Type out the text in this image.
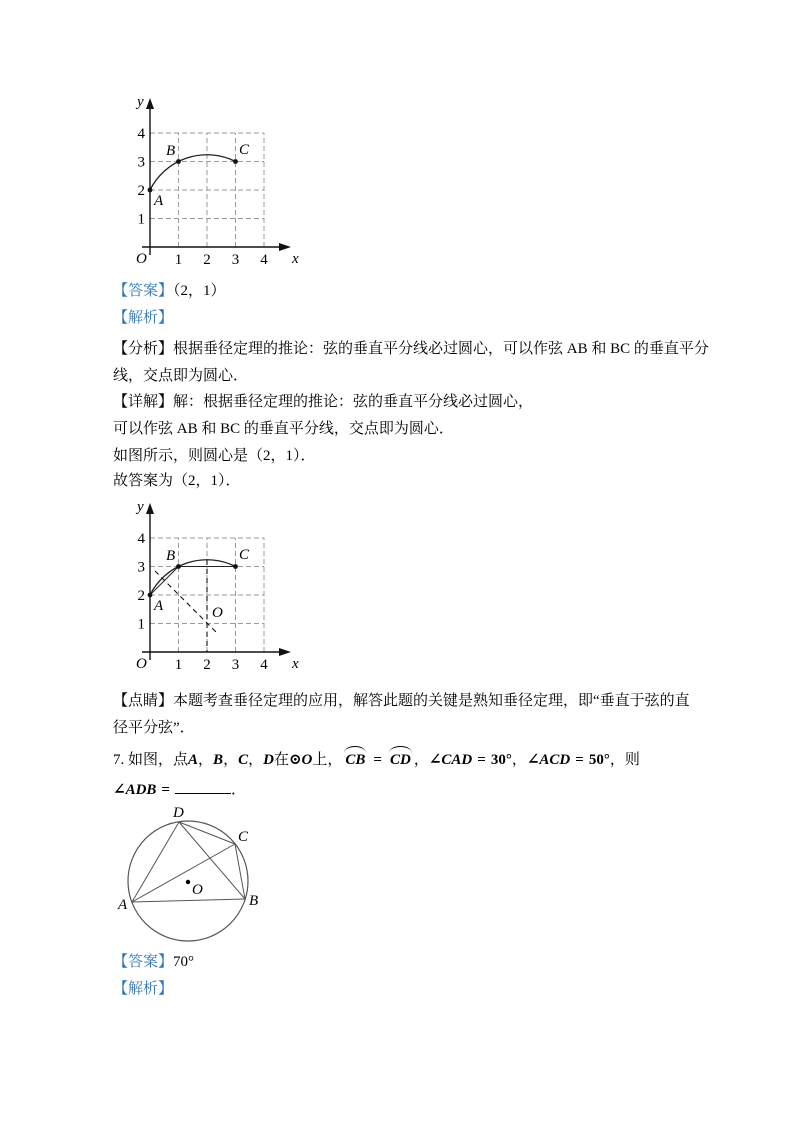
A
B	C
y
x
O 1 2 3 4
1
2
3
4
【答案】（2，1）
【解析】
【分析】根据垂径定理的推论：弦的垂直平分线必过圆心，可以作弦 AB 和 BC 的垂直平分
线，交点即为圆心．
【详解】解：根据垂径定理的推论：弦的垂直平分线必过圆心，
可以作弦 AB 和 BC 的垂直平分线，交点即为圆心．
如图所示，则圆心是（2，1）．
故答案为（2，1）．
A
B	C
O
y
x
O 1 2 3 4
1
2
3
4
【点睛】本题考查垂径定理的应用，解答此题的关键是熟知垂径定理，即“垂直于弦的直
径平分弦”．
7. 如图，点A，B，C，D在⊙O上， CB = CD ，∠CAD = 30°，∠ACD = 50°，则
∠ADB =	．
O
D
C
A	B
【答案】70°
【解析】
